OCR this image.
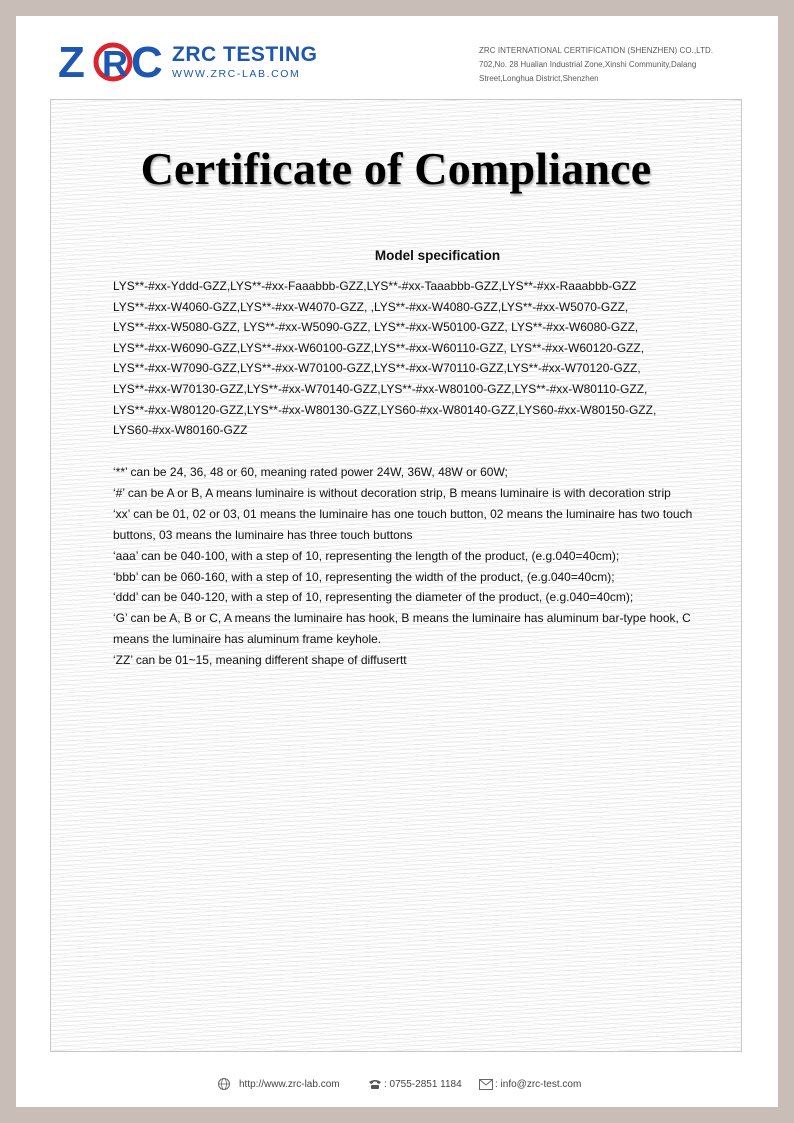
Z R C ZRC TESTING
WWW.ZRC-LAB.COM
ZRC INTERNATIONAL CERTIFICATION (SHENZHEN) CO.,LTD.
702,No. 28 Hualian Industrial Zone,Xinshi Community,Dalang
Street,Longhua District,Shenzhen
Certificate of Compliance
Model specification
LYS**-#xx-Yddd-GZZ,LYS**-#xx-Faaabbb-GZZ,LYS**-#xx-Taaabbb-GZZ,LYS**-#xx-Raaabbb-GZZ
LYS**-#xx-W4060-GZZ,LYS**-#xx-W4070-GZZ, ,LYS**-#xx-W4080-GZZ,LYS**-#xx-W5070-GZZ,
LYS**-#xx-W5080-GZZ, LYS**-#xx-W5090-GZZ, LYS**-#xx-W50100-GZZ, LYS**-#xx-W6080-GZZ,
LYS**-#xx-W6090-GZZ,LYS**-#xx-W60100-GZZ,LYS**-#xx-W60110-GZZ, LYS**-#xx-W60120-GZZ,
LYS**-#xx-W7090-GZZ,LYS**-#xx-W70100-GZZ,LYS**-#xx-W70110-GZZ,LYS**-#xx-W70120-GZZ,
LYS**-#xx-W70130-GZZ,LYS**-#xx-W70140-GZZ,LYS**-#xx-W80100-GZZ,LYS**-#xx-W80110-GZZ,
LYS**-#xx-W80120-GZZ,LYS**-#xx-W80130-GZZ,LYS60-#xx-W80140-GZZ,LYS60-#xx-W80150-GZZ,
LYS60-#xx-W80160-GZZ
‘**’ can be 24, 36, 48 or 60, meaning rated power 24W, 36W, 48W or 60W;
‘#’ can be A or B, A means luminaire is without decoration strip, B means luminaire is with decoration strip
‘xx’ can be 01, 02 or 03, 01 means the luminaire has one touch button, 02 means the luminaire has two touch
buttons, 03 means the luminaire has three touch buttons
‘aaa’ can be 040-100, with a step of 10, representing the length of the product, (e.g.040=40cm);
‘bbb’ can be 060-160, with a step of 10, representing the width of the product, (e.g.040=40cm);
‘ddd’ can be 040-120, with a step of 10, representing the diameter of the product, (e.g.040=40cm);
‘G’ can be A, B or C, A means the luminaire has hook, B means the luminaire has aluminum bar-type hook, C
means the luminaire has aluminum frame keyhole.
‘ZZ’ can be 01~15, meaning different shape of diffusertt
http://www.zrc-lab.com	: 0755-2851 1184	: info@zrc-test.com
